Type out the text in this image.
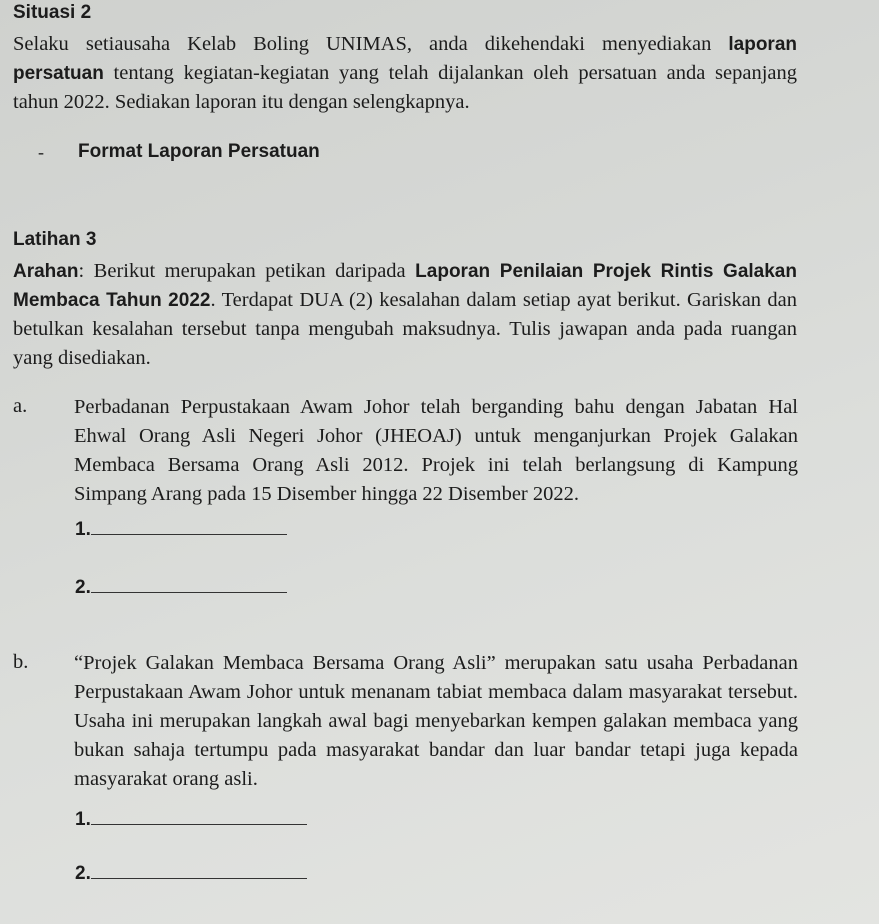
Situasi 2

Selaku setiausaha Kelab Boling UNIMAS, anda dikehendaki menyediakan laporan persatuan tentang kegiatan-kegiatan yang telah dijalankan oleh persatuan anda sepanjang tahun 2022. Sediakan laporan itu dengan selengkapnya.

- Format Laporan Persatuan
Latihan 3

Arahan: Berikut merupakan petikan daripada Laporan Penilaian Projek Rintis Galakan Membaca Tahun 2022. Terdapat DUA (2) kesalahan dalam setiap ayat berikut. Gariskan dan betulkan kesalahan tersebut tanpa mengubah maksudnya. Tulis jawapan anda pada ruangan yang disediakan.

a. Perbadanan Perpustakaan Awam Johor telah berganding bahu dengan Jabatan Hal Ehwal Orang Asli Negeri Johor (JHEOAJ) untuk menganjurkan Projek Galakan Membaca Bersama Orang Asli 2012. Projek ini telah berlangsung di Kampung Simpang Arang pada 15 Disember hingga 22 Disember 2022.

1.
2.
b. “Projek Galakan Membaca Bersama Orang Asli” merupakan satu usaha Perbadanan Perpustakaan Awam Johor untuk menanam tabiat membaca dalam masyarakat tersebut. Usaha ini merupakan langkah awal bagi menyebarkan kempen galakan membaca yang bukan sahaja tertumpu pada masyarakat bandar dan luar bandar tetapi juga kepada masyarakat orang asli.

1.
2.
